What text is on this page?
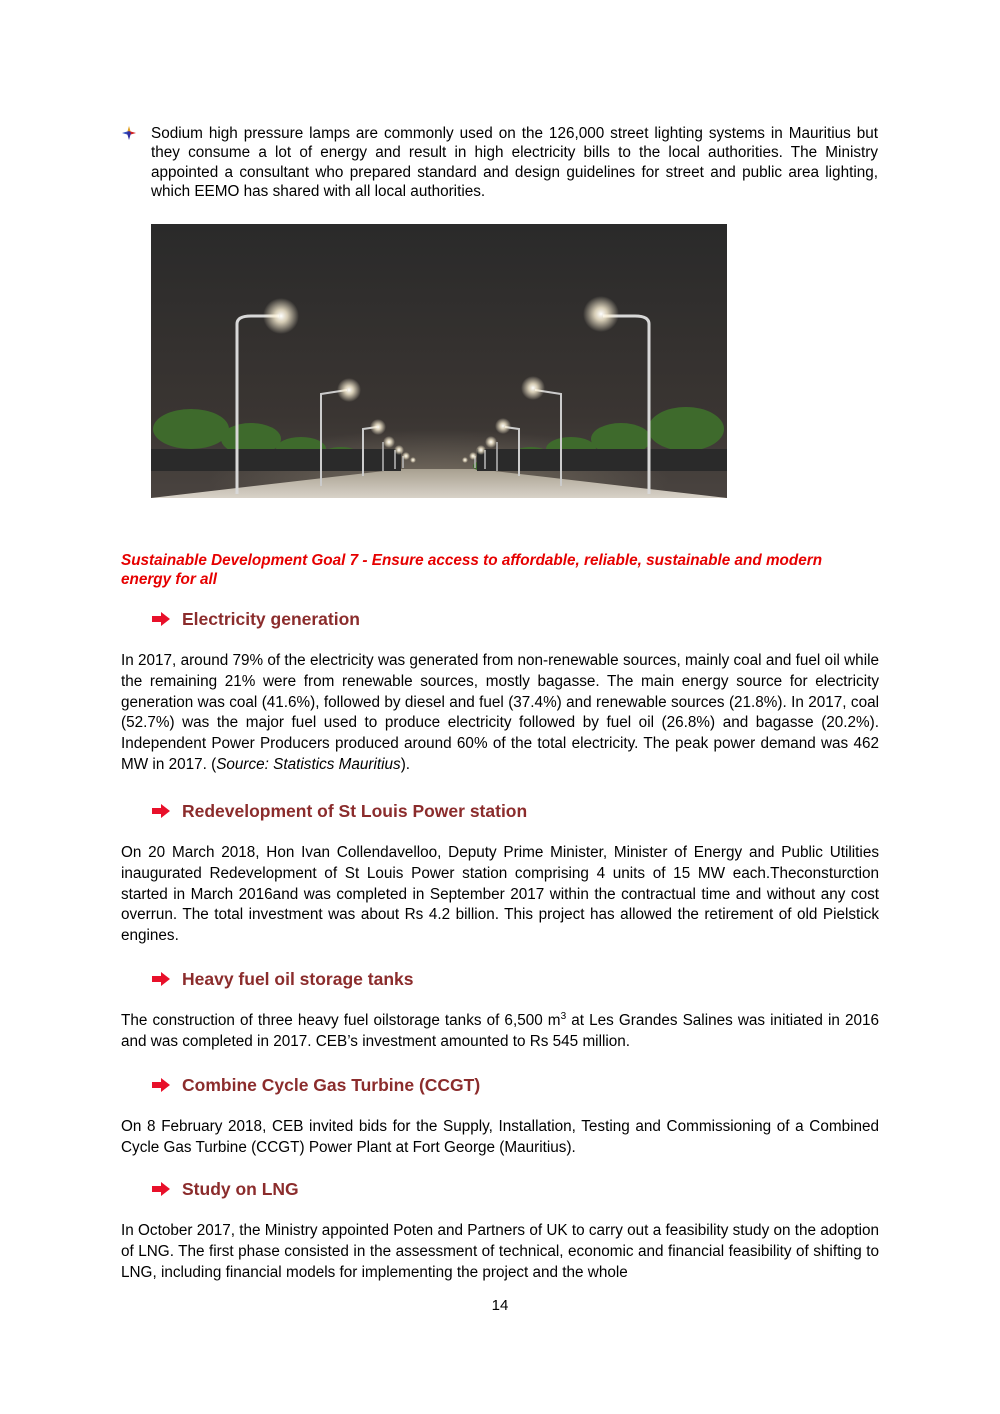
Sodium high pressure lamps are commonly used on the 126,000 street lighting systems in Mauritius but they consume a lot of energy and result in high electricity bills to the local authorities. The Ministry appointed a consultant who prepared standard and design guidelines for street and public area lighting, which EEMO has shared with all local authorities.
Sustainable Development Goal 7 - Ensure access to affordable, reliable, sustainable and modern energy for all
Electricity generation

In 2017, around 79% of the electricity was generated from non-renewable sources, mainly coal and fuel oil while the remaining 21% were from renewable sources, mostly bagasse. The main energy source for electricity generation was coal (41.6%), followed by diesel and fuel (37.4%) and renewable sources (21.8%). In 2017, coal (52.7%) was the major fuel used to produce electricity followed by fuel oil (26.8%) and bagasse (20.2%). Independent Power Producers produced around 60% of the total electricity. The peak power demand was 462 MW in 2017. (Source: Statistics Mauritius).

Redevelopment of St Louis Power station
On 20 March 2018, Hon Ivan Collendavelloo, Deputy Prime Minister, Minister of Energy and Public Utilities inaugurated Redevelopment of St Louis Power station comprising 4 units of 15 MW each.Theconsturction started in March 2016and was completed in September 2017 within the contractual time and without any cost overrun. The total investment was about Rs 4.2 billion. This project has allowed the retirement of old Pielstick engines.
Heavy fuel oil storage tanks

The construction of three heavy fuel oilstorage tanks of 6,500 $m^3$ at Les Grandes Salines was initiated in 2016 and was completed in 2017. CEB’s investment amounted to Rs 545 million.

Combine Cycle Gas Turbine (CCGT)
On 8 February 2018, CEB invited bids for the Supply, Installation, Testing and Commissioning of a Combined Cycle Gas Turbine (CCGT) Power Plant at Fort George (Mauritius).
Study on LNG
In October 2017, the Ministry appointed Poten and Partners of UK to carry out a feasibility study on the adoption of LNG. The first phase consisted in the assessment of technical, economic and financial feasibility of shifting to LNG, including financial models for implementing the project and the whole
14
